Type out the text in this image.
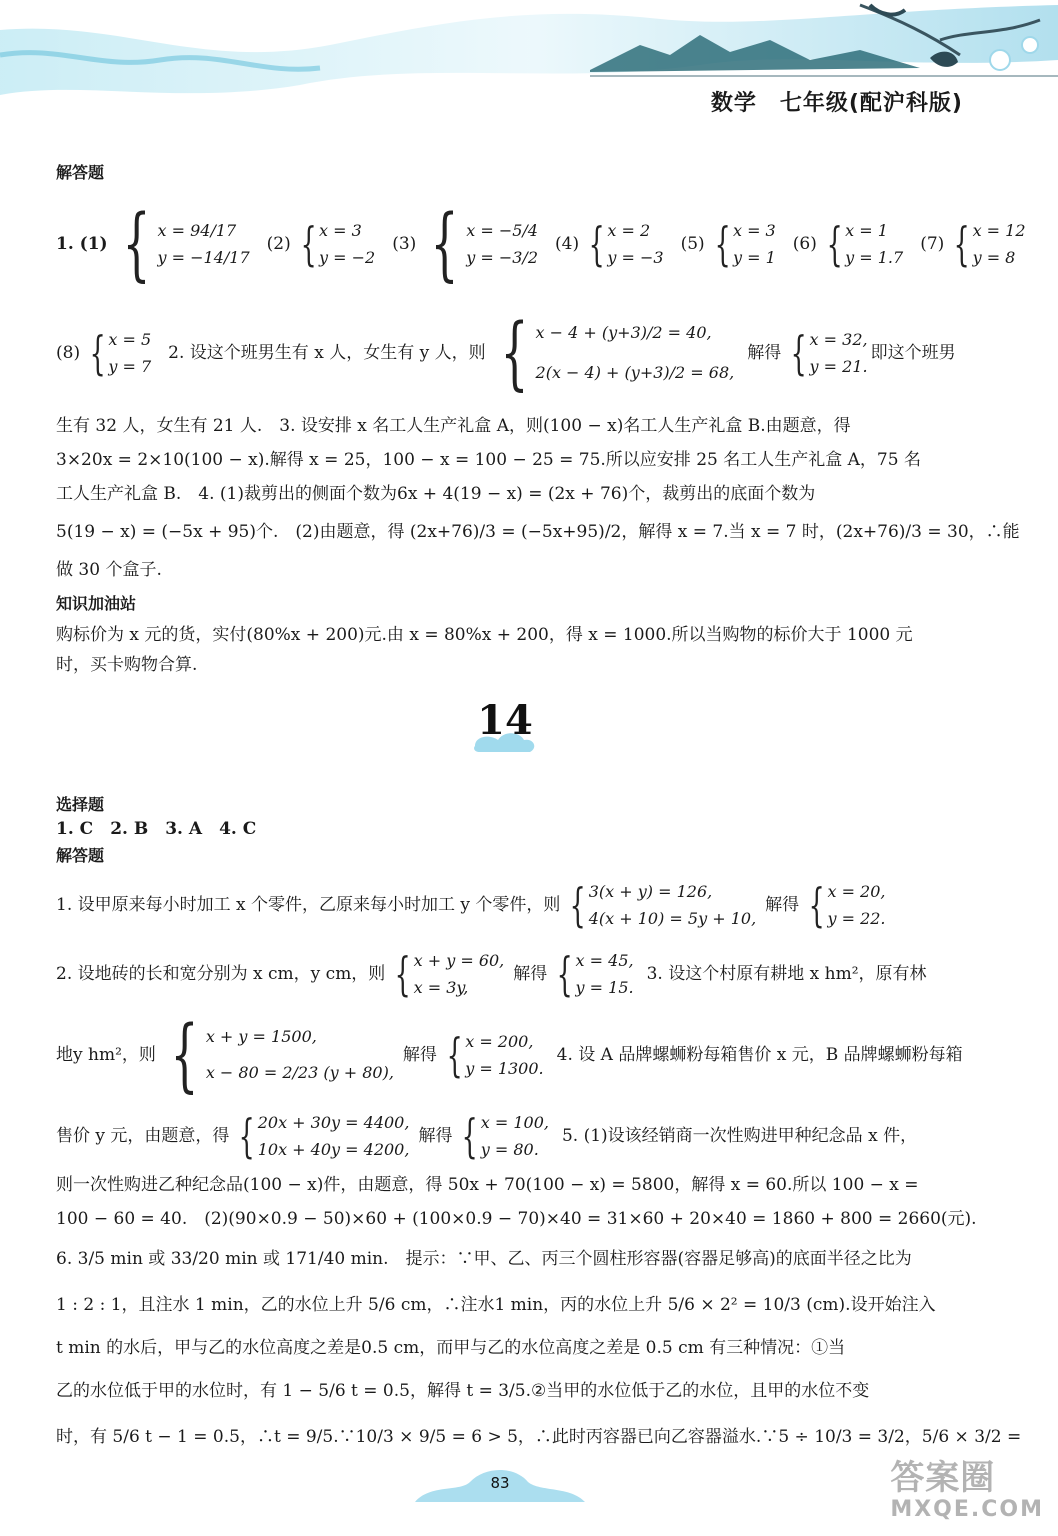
数学　七年级(配沪科版)

解答题

1. (1) { x = 94/17
y = −14/17
(2) { x = 3
y = −2
(3) { x = −5/4
y = −3/2
(4) { x = 2
y = −3
(5) { x = 3
y = 1
(6) { x = 1
y = 1.7
(7) { x = 12
y = 8
(8) { x = 5
y = 7
2. 设这个班男生有 x 人，女生有 y 人，则 { x − 4 + (y+3)/2 = 40,
2(x − 4) + (y+3)/2 = 68,
解得 { x = 32,
y = 21.
即这个班男

生有 32 人，女生有 21 人.　3. 设安排 x 名工人生产礼盒 A，则(100 − x)名工人生产礼盒 B.由题意，得

3×20x = 2×10(100 − x).解得 x = 25，100 − x = 100 − 25 = 75.所以应安排 25 名工人生产礼盒 A，75 名

工人生产礼盒 B.　4. (1)裁剪出的侧面个数为6x + 4(19 − x) = (2x + 76)个，裁剪出的底面个数为

5(19 − x) = (−5x + 95)个.　(2)由题意，得 (2x+76)/3 = (−5x+95)/2，解得 x = 7.当 x = 7 时，(2x+76)/3 = 30，∴能

做 30 个盒子.

知识加油站

购标价为 x 元的货，实付(80%x + 200)元.由 x = 80%x + 200，得 x = 1000.所以当购物的标价大于 1000 元

时，买卡购物合算.

14

选择题

1. C　2. B　3. A　4. C

解答题

1. 设甲原来每小时加工 x 个零件，乙原来每小时加工 y 个零件，则 { 3(x + y) = 126,
4(x + 10) = 5y + 10,
解得 { x = 20,
y = 22.
2. 设地砖的长和宽分别为 x cm，y cm，则 { x + y = 60,
x = 3y,
解得 { x = 45,
y = 15.
3. 设这个村原有耕地 x hm²，原有林
地y hm²，则 { x + y = 1500,
x − 80 = 2/23 (y + 80),
解得 { x = 200,
y = 1300.
4. 设 A 品牌螺蛳粉每箱售价 x 元，B 品牌螺蛳粉每箱
售价 y 元，由题意，得 { 20x + 30y = 4400,
10x + 40y = 4200,
解得 { x = 100,
y = 80.
5. (1)设该经销商一次性购进甲种纪念品 x 件，

则一次性购进乙种纪念品(100 − x)件，由题意，得 50x + 70(100 − x) = 5800，解得 x = 60.所以 100 − x =

100 − 60 = 40.　(2)(90×0.9 − 50)×60 + (100×0.9 − 70)×40 = 31×60 + 20×40 = 1860 + 800 = 2660(元).

6. 3/5 min 或 33/20 min 或 171/40 min.　提示：∵甲、乙、丙三个圆柱形容器(容器足够高)的底面半径之比为

1 : 2 : 1，且注水 1 min，乙的水位上升 5/6 cm，∴注水1 min，丙的水位上升 5/6 × 2² = 10/3 (cm).设开始注入

t min 的水后，甲与乙的水位高度之差是0.5 cm，而甲与乙的水位高度之差是 0.5 cm 有三种情况：①当

乙的水位低于甲的水位时，有 1 − 5/6 t = 0.5，解得 t = 3/5.②当甲的水位低于乙的水位，且甲的水位不变

时，有 5/6 t − 1 = 0.5，∴t = 9/5.∵10/3 × 9/5 = 6 > 5，∴此时丙容器已向乙容器溢水.∵5 ÷ 10/3 = 3/2，5/6 × 3/2 =

83	答案圈
MXQE.COM
